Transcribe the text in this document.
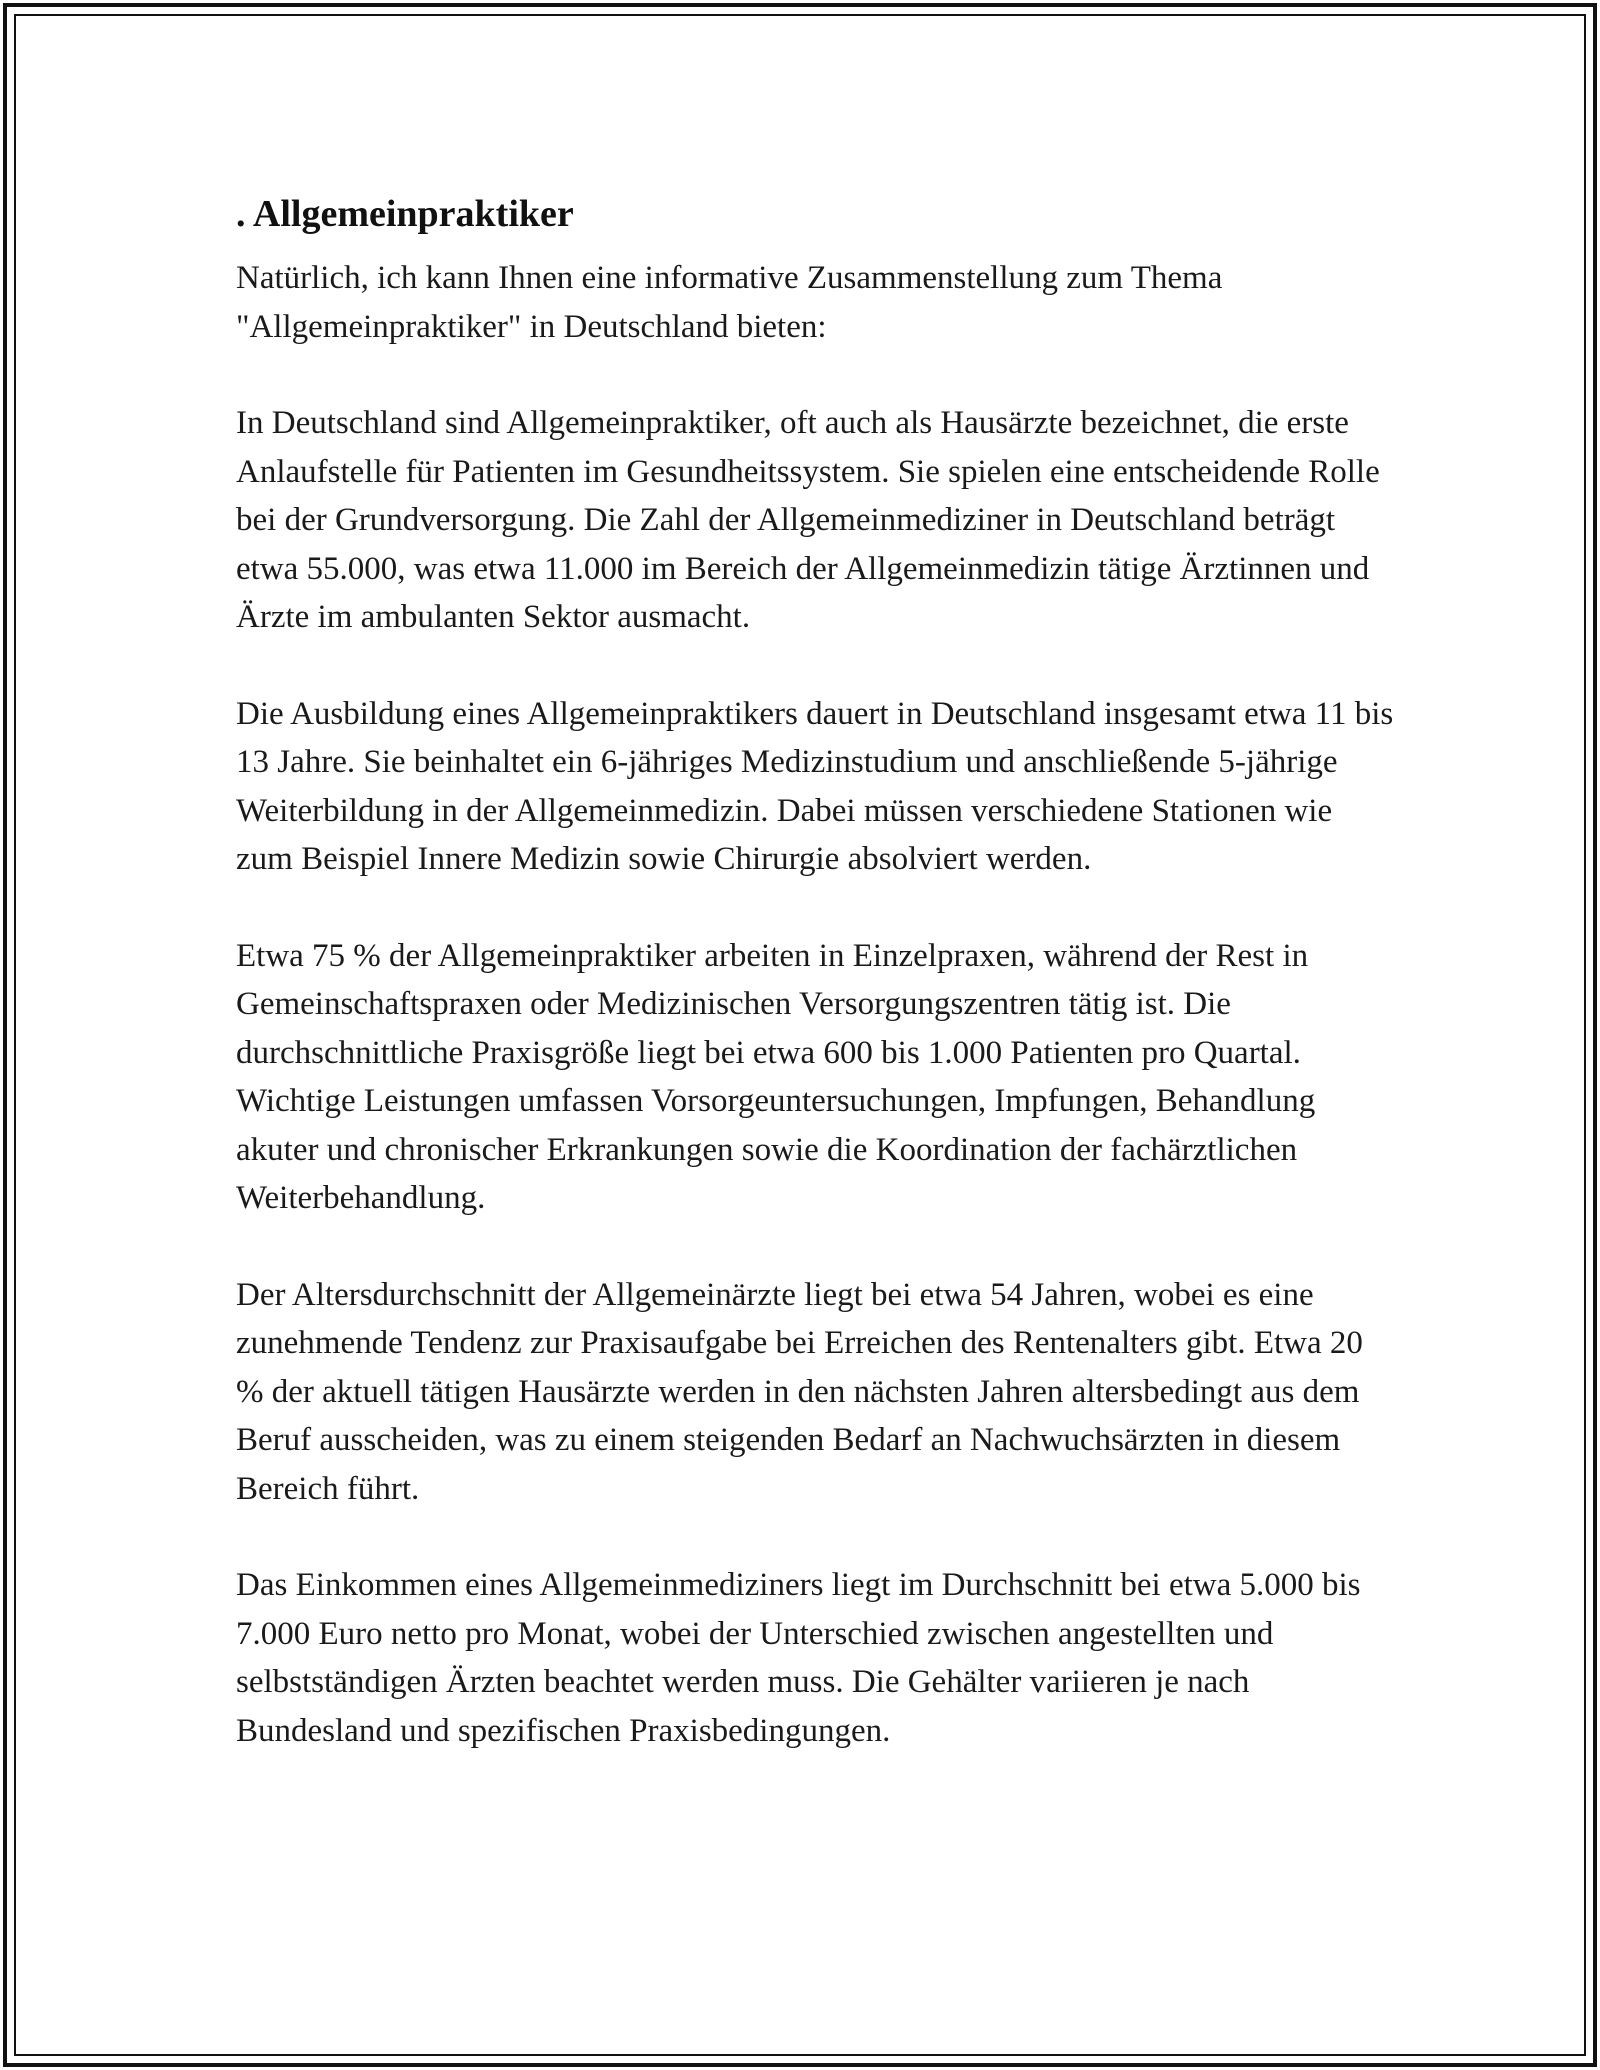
. Allgemeinpraktiker

Natürlich, ich kann Ihnen eine informative Zusammenstellung zum Thema "Allgemeinpraktiker" in Deutschland bieten:

In Deutschland sind Allgemeinpraktiker, oft auch als Hausärzte bezeichnet, die erste Anlaufstelle für Patienten im Gesundheitssystem. Sie spielen eine entscheidende Rolle bei der Grundversorgung. Die Zahl der Allgemeinmediziner in Deutschland beträgt etwa 55.000, was etwa 11.000 im Bereich der Allgemeinmedizin tätige Ärztinnen und Ärzte im ambulanten Sektor ausmacht.

Die Ausbildung eines Allgemeinpraktikers dauert in Deutschland insgesamt etwa 11 bis 13 Jahre. Sie beinhaltet ein 6-jähriges Medizinstudium und anschließende 5-jährige Weiterbildung in der Allgemeinmedizin. Dabei müssen verschiedene Stationen wie zum Beispiel Innere Medizin sowie Chirurgie absolviert werden.

Etwa 75 % der Allgemeinpraktiker arbeiten in Einzelpraxen, während der Rest in Gemeinschaftspraxen oder Medizinischen Versorgungszentren tätig ist. Die durchschnittliche Praxisgröße liegt bei etwa 600 bis 1.000 Patienten pro Quartal. Wichtige Leistungen umfassen Vorsorgeuntersuchungen, Impfungen, Behandlung akuter und chronischer Erkrankungen sowie die Koordination der fachärztlichen Weiterbehandlung.

Der Altersdurchschnitt der Allgemeinärzte liegt bei etwa 54 Jahren, wobei es eine zunehmende Tendenz zur Praxisaufgabe bei Erreichen des Rentenalters gibt. Etwa 20 % der aktuell tätigen Hausärzte werden in den nächsten Jahren altersbedingt aus dem Beruf ausscheiden, was zu einem steigenden Bedarf an Nachwuchsärzten in diesem Bereich führt.

Das Einkommen eines Allgemeinmediziners liegt im Durchschnitt bei etwa 5.000 bis 7.000 Euro netto pro Monat, wobei der Unterschied zwischen angestellten und selbstständigen Ärzten beachtet werden muss. Die Gehälter variieren je nach Bundesland und spezifischen Praxisbedingungen.
